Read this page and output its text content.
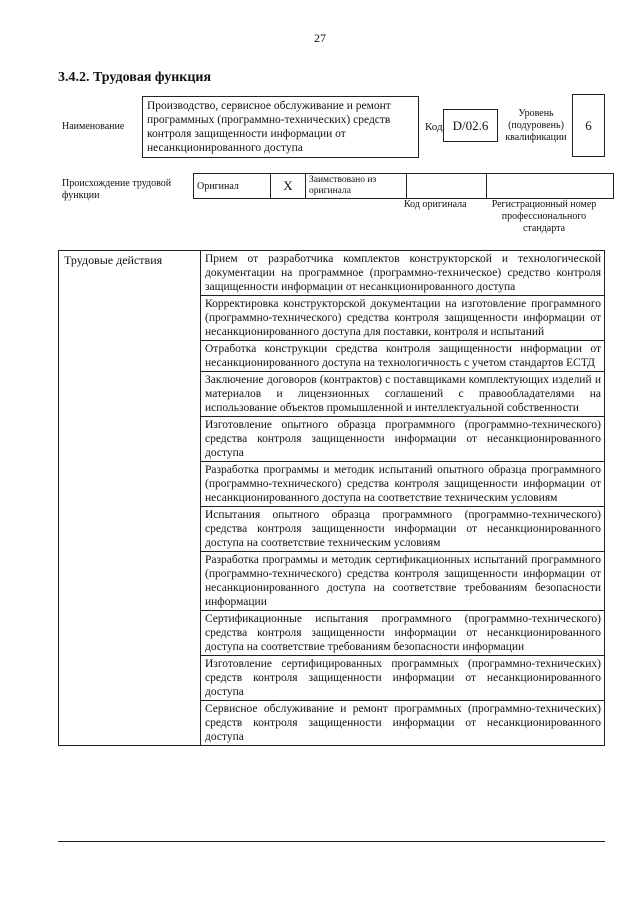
27
3.4.2. Трудовая функция
Наименование
Производство, сервисное обслуживание и ремонт программных (программно-технических) средств контроля защищенности информации от несанкционированного доступа
Код D/02.6
Уровень (подуровень) квалификации
6
Происхождение трудовой функции
Оригинал	X	Заимствовано из оригинала		
Код оригинала	Регистрационный номер профессионального стандарта
Трудовые действия	Прием от разработчика комплектов конструкторской и технологической документации на программное (программно-техническое) средство контроля защищенности информации от несанкционированного доступа
Корректировка конструкторской документации на изготовление программного (программно-технического) средства контроля защищенности информации от несанкционированного доступа для поставки, контроля и испытаний
Отработка конструкции средства контроля защищенности информации от несанкционированного доступа на технологичность с учетом стандартов ЕСТД
Заключение договоров (контрактов) с поставщиками комплектующих изделий и материалов и лицензионных соглашений с правообладателями на использование объектов промышленной и интеллектуальной собственности
Изготовление опытного образца программного (программно-технического) средства контроля защищенности информации от несанкционированного доступа
Разработка программы и методик испытаний опытного образца программного (программно-технического) средства контроля защищенности информации от несанкционированного доступа на соответствие техническим условиям
Испытания опытного образца программного (программно-технического) средства контроля защищенности информации от несанкционированного доступа на соответствие техническим условиям
Разработка программы и методик сертификационных испытаний программного (программно-технического) средства контроля защищенности информации от несанкционированного доступа на соответствие требованиям безопасности информации
Сертификационные испытания программного (программно-технического) средства контроля защищенности информации от несанкционированного доступа на соответствие требованиям безопасности информации
Изготовление сертифицированных программных (программно-технических) средств контроля защищенности информации от несанкционированного доступа
Сервисное обслуживание и ремонт программных (программно-технических) средств контроля защищенности информации от несанкционированного доступа
